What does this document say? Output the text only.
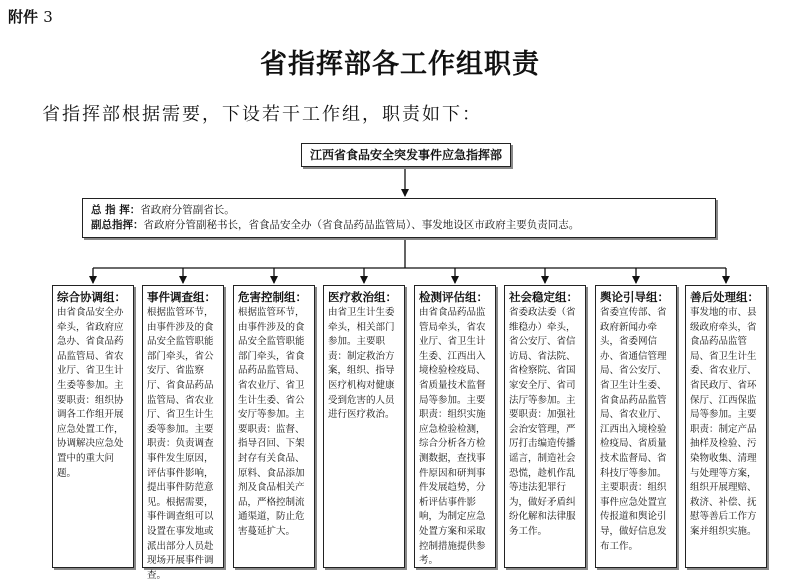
附件 3
省指挥部各工作组职责
省指挥部根据需要，下设若干工作组，职责如下：
江西省食品安全突发事件应急指挥部
总 指 挥：省政府分管副省长。
副总指挥：省政府分管副秘书长，省食品安全办（省食品药品监管局）、事发地设区市政府主要负责同志。
综合协调组：
由省食品安全办牵头，省政府应急办、省食品药品监管局、省农业厅、省卫生计生委等参加。主要职责：组织协调各工作组开展应急处置工作，协调解决应急处置中的重大问题。
事件调查组：
根据监管环节，由事件涉及的食品安全监管职能部门牵头，省公安厅、省监察厅、省食品药品监管局、省农业厅、省卫生计生委等参加。主要职责：负责调查事件发生原因，评估事件影响，提出事件防范意见。根据需要，事件调查组可以设置在事发地或派出部分人员赴现场开展事件调查。
危害控制组：
根据监管环节，由事件涉及的食品安全监管职能部门牵头，省食品药品监管局、省农业厅、省卫生计生委、省公安厅等参加。主要职责：监督、指导召回、下架封存有关食品、原料、食品添加剂及食品相关产品，严格控制流通渠道，防止危害蔓延扩大。
医疗救治组：
由省卫生计生委牵头，相关部门参加。主要职责：制定救治方案，组织、指导医疗机构对健康受到危害的人员进行医疗救治。
检测评估组：
由省食品药品监管局牵头，省农业厅、省卫生计生委、江西出入境检验检疫局、省质量技术监督局等参加。主要职责：组织实施应急检验检测，综合分析各方检测数据，查找事件原因和研判事件发展趋势，分析评估事件影响，为制定应急处置方案和采取控制措施提供参考。
社会稳定组：
省委政法委（省维稳办）牵头，省公安厅、省信访局、省法院、省检察院、省国家安全厅、省司法厅等参加。主要职责：加强社会治安管理，严厉打击编造传播谣言，制造社会恐慌，趁机作乱等违法犯罪行为，做好矛盾纠纷化解和法律服务工作。
舆论引导组：
省委宣传部、省政府新闻办牵头，省委网信办、省通信管理局、省公安厅、省卫生计生委、省食品药品监管局、省农业厅、江西出入境检验检疫局、省质量技术监督局、省科技厅等参加。主要职责：组织事件应急处置宣传报道和舆论引导，做好信息发布工作。
善后处理组：
事发地的市、县级政府牵头，省食品药品监管局、省卫生计生委、省农业厅、省民政厅、省环保厅、江西保监局等参加。主要职责：制定产品抽样及检验、污染物收集、清理与处理等方案，组织开展理赔、救济、补偿、抚慰等善后工作方案并组织实施。
